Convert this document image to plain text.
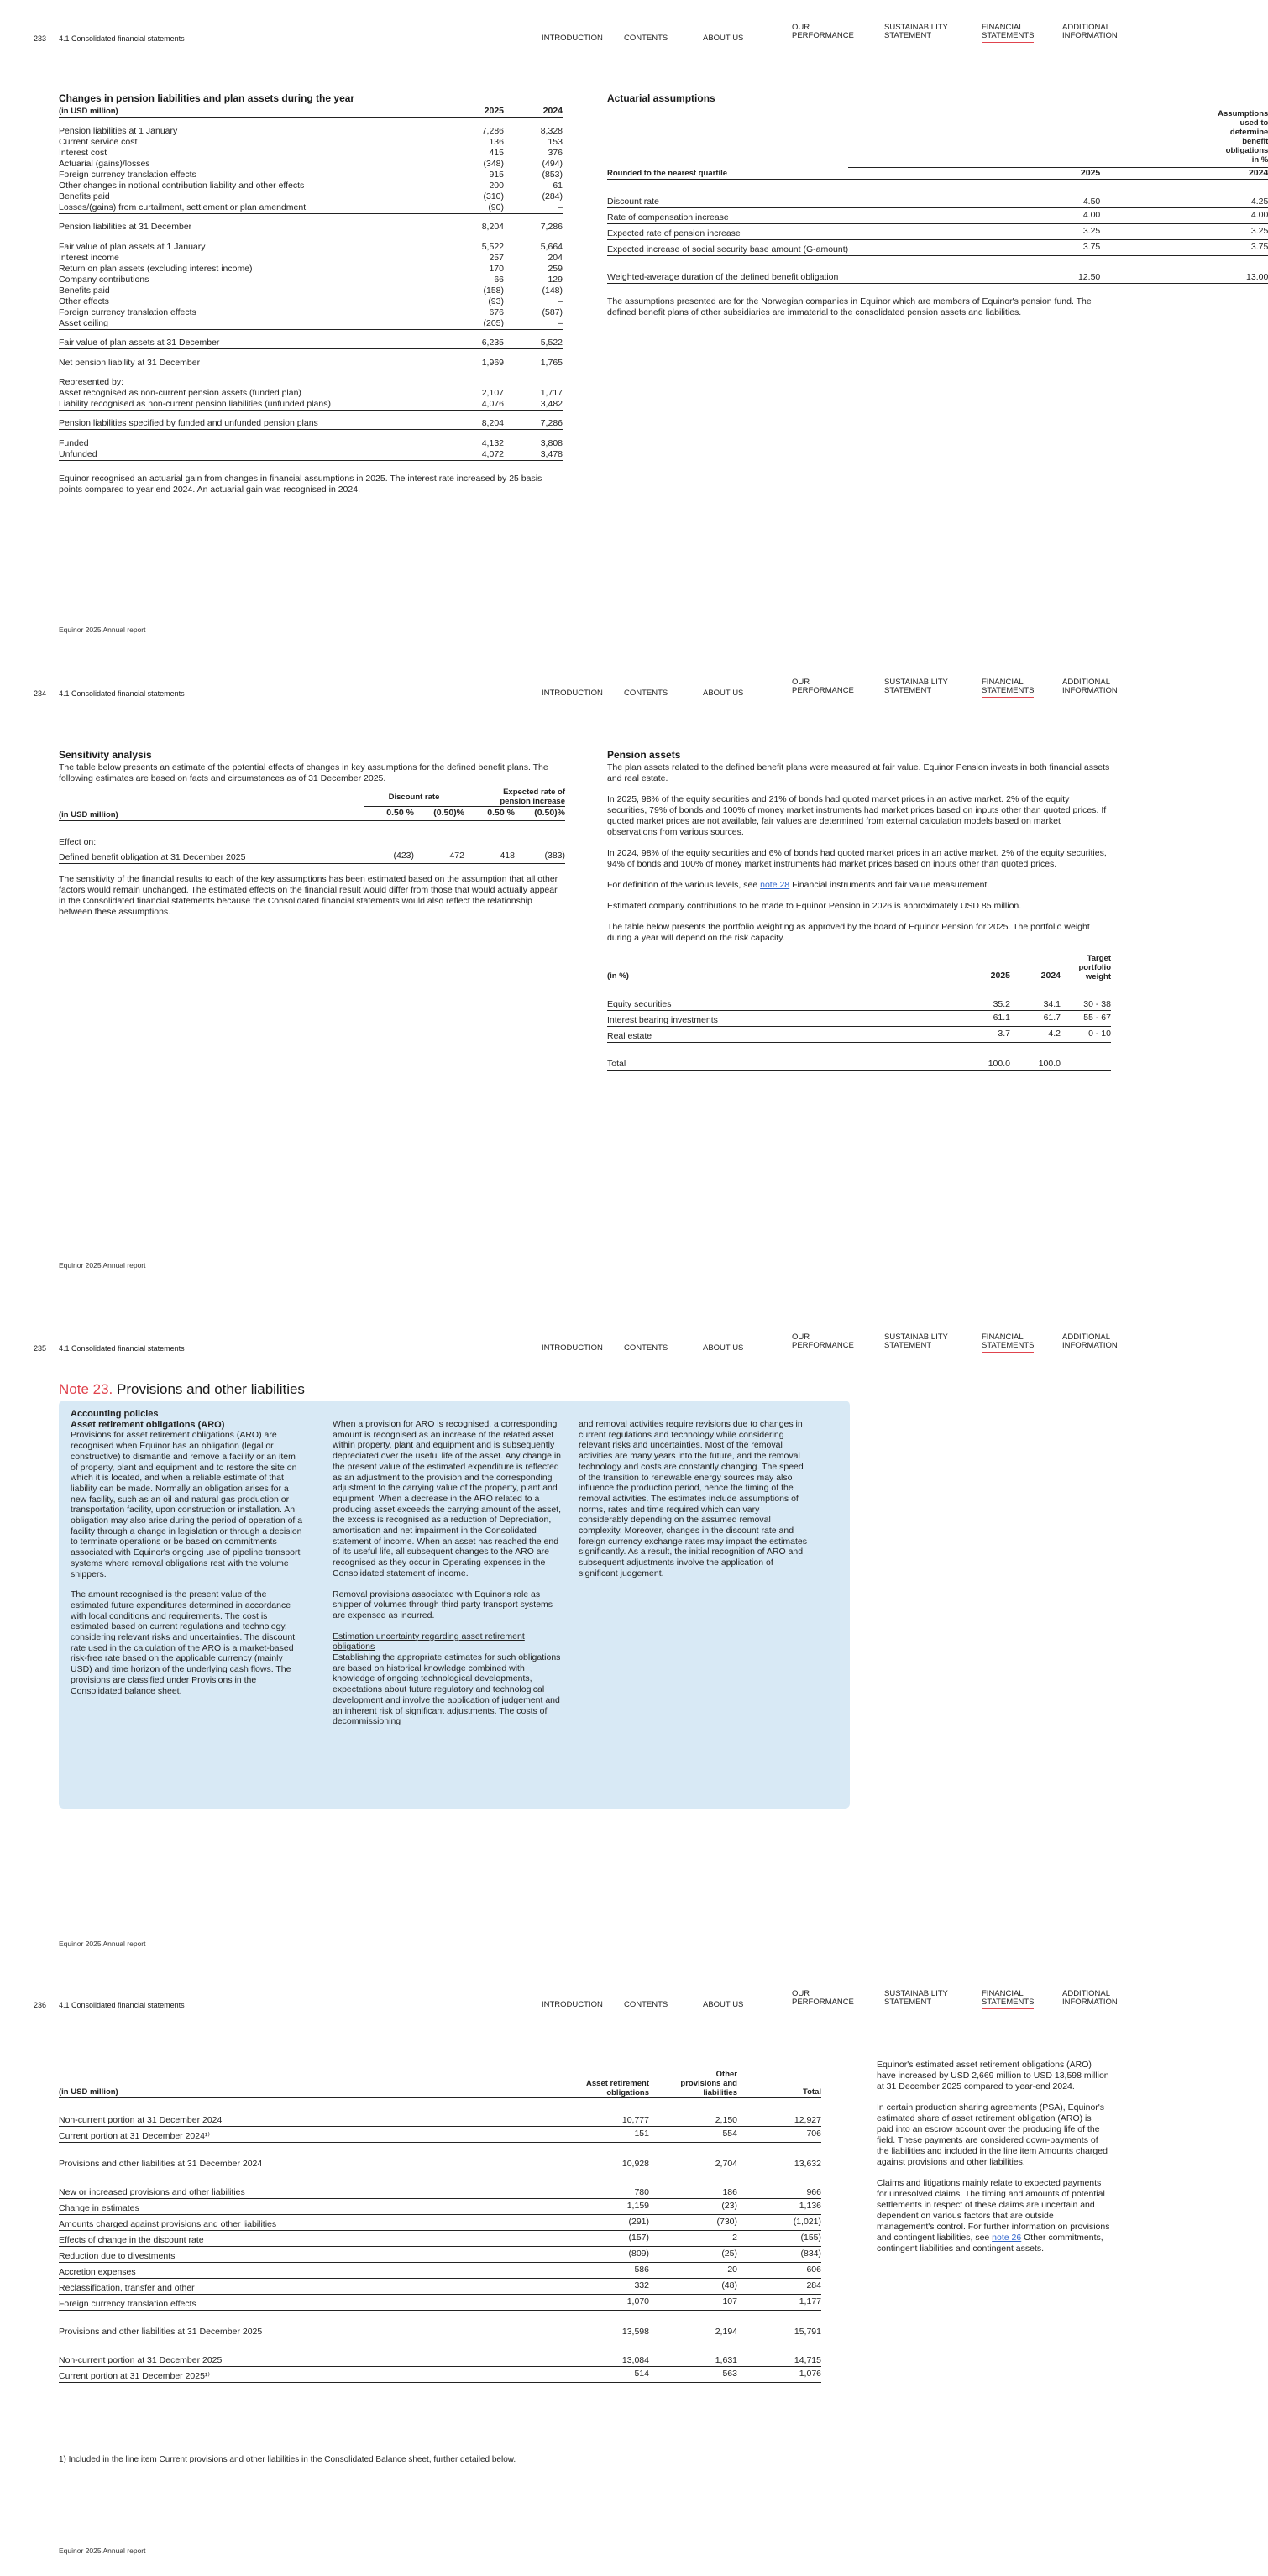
233 4.1 Consolidated financial statements	INTRODUCTION	CONTENTS	ABOUT US
OUR
PERFORMANCE
SUSTAINABILITY
STATEMENT
FINANCIAL
STATEMENTS
ADDITIONAL
INFORMATION
Changes in pension liabilities and plan assets during the year
(in USD million)	2025	2024

Pension liabilities at 1 January	7,286	8,328
Current service cost	136	153
Interest cost	415	376
Actuarial (gains)/losses	(348)	(494)
Foreign currency translation effects	915	(853)
Other changes in notional contribution liability and other effects	200	61
Benefits paid	(310)	(284)
Losses/(gains) from curtailment, settlement or plan amendment	(90)	–

Pension liabilities at 31 December	8,204	7,286

Fair value of plan assets at 1 January	5,522	5,664
Interest income	257	204
Return on plan assets (excluding interest income)	170	259
Company contributions	66	129
Benefits paid	(158)	(148)
Other effects	(93)	–
Foreign currency translation effects	676	(587)
Asset ceiling	(205)	–

Fair value of plan assets at 31 December	6,235	5,522

Net pension liability at 31 December	1,969	1,765

Represented by:		
Asset recognised as non-current pension assets (funded plan)	2,107	1,717
Liability recognised as non-current pension liabilities (unfunded plans)	4,076	3,482

Pension liabilities specified by funded and unfunded pension plans	8,204	7,286

Funded	4,132	3,808
Unfunded	4,072	3,478

Equinor recognised an actuarial gain from changes in financial assumptions in 2025. The interest rate increased by 25 basis points compared to year end 2024. An actuarial gain was recognised in 2024.

Actuarial assumptions
	Assumptions used to determine benefit obligations in %	
Rounded to the nearest quartile	2025	2024

Discount rate	4.50	4.25
Rate of compensation increase	4.00	4.00
Expected rate of pension increase	3.25	3.25
Expected increase of social security base amount (G-amount)	3.75	3.75

Weighted-average duration of the defined benefit obligation	12.50	13.00

The assumptions presented are for the Norwegian companies in Equinor which are members of Equinor's pension fund. The defined benefit plans of other subsidiaries are immaterial to the consolidated pension assets and liabilities.

Equinor 2025 Annual report
234 4.1 Consolidated financial statements	INTRODUCTION	CONTENTS	ABOUT US
OUR
PERFORMANCE
SUSTAINABILITY
STATEMENT
FINANCIAL
STATEMENTS
ADDITIONAL
INFORMATION
Sensitivity analysis

The table below presents an estimate of the potential effects of changes in key assumptions for the defined benefit plans. The following estimates are based on facts and circumstances as of 31 December 2025.

	Discount rate		Expected rate of pension increase	
(in USD million)	0.50 %	(0.50)%	0.50 %	(0.50)%

Effect on:				
Defined benefit obligation at 31 December 2025	(423)	472	418	(383)

The sensitivity of the financial results to each of the key assumptions has been estimated based on the assumption that all other factors would remain unchanged. The estimated effects on the financial result would differ from those that would actually appear in the Consolidated financial statements because the Consolidated financial statements would also reflect the relationship between these assumptions.

Pension assets

The plan assets related to the defined benefit plans were measured at fair value. Equinor Pension invests in both financial assets and real estate.

In 2025, 98% of the equity securities and 21% of bonds had quoted market prices in an active market. 2% of the equity securities, 79% of bonds and 100% of money market instruments had market prices based on inputs other than quoted prices. If quoted market prices are not available, fair values are determined from external calculation models based on market observations from various sources.

In 2024, 98% of the equity securities and 6% of bonds had quoted market prices in an active market. 2% of the equity securities, 94% of bonds and 100% of money market instruments had market prices based on inputs other than quoted prices.

For definition of the various levels, see note 28 Financial instruments and fair value measurement.

Estimated company contributions to be made to Equinor Pension in 2026 is approximately USD 85 million.

The table below presents the portfolio weighting as approved by the board of Equinor Pension for 2025. The portfolio weight during a year will depend on the risk capacity.

(in %)	2025	2024	Target portfolio weight

Equity securities	35.2	34.1	30 - 38
Interest bearing investments	61.1	61.7	55 - 67
Real estate	3.7	4.2	0 - 10

Total	100.0	100.0	
Equinor 2025 Annual report
235 4.1 Consolidated financial statements	INTRODUCTION	CONTENTS	ABOUT US
OUR
PERFORMANCE
SUSTAINABILITY
STATEMENT
FINANCIAL
STATEMENTS
ADDITIONAL
INFORMATION
Equinor 2025 Annual report
Note 23. Provisions and other liabilities
Accounting policies
Asset retirement obligations (ARO)

Provisions for asset retirement obligations (ARO) are recognised when Equinor has an obligation (legal or constructive) to dismantle and remove a facility or an item of property, plant and equipment and to restore the site on which it is located, and when a reliable estimate of that liability can be made. Normally an obligation arises for a new facility, such as an oil and natural gas production or transportation facility, upon construction or installation. An obligation may also arise during the period of operation of a facility through a change in legislation or through a decision to terminate operations or be based on commitments associated with Equinor's ongoing use of pipeline transport systems where removal obligations rest with the volume shippers.

The amount recognised is the present value of the estimated future expenditures determined in accordance with local conditions and requirements. The cost is estimated based on current regulations and technology, considering relevant risks and uncertainties. The discount rate used in the calculation of the ARO is a market-based risk-free rate based on the applicable currency (mainly USD) and time horizon of the underlying cash flows. The provisions are classified under Provisions in the Consolidated balance sheet.

When a provision for ARO is recognised, a corresponding amount is recognised as an increase of the related asset within property, plant and equipment and is subsequently depreciated over the useful life of the asset. Any change in the present value of the estimated expenditure is reflected as an adjustment to the provision and the corresponding adjustment to the carrying value of the property, plant and equipment. When a decrease in the ARO related to a producing asset exceeds the carrying amount of the asset, the excess is recognised as a reduction of Depreciation, amortisation and net impairment in the Consolidated statement of income. When an asset has reached the end of its useful life, all subsequent changes to the ARO are recognised as they occur in Operating expenses in the Consolidated statement of income.

Removal provisions associated with Equinor's role as shipper of volumes through third party transport systems are expensed as incurred.

Estimation uncertainty regarding asset retirement obligations

Establishing the appropriate estimates for such obligations are based on historical knowledge combined with knowledge of ongoing technological developments, expectations about future regulatory and technological development and involve the application of judgement and an inherent risk of significant adjustments. The costs of decommissioning

and removal activities require revisions due to changes in current regulations and technology while considering relevant risks and uncertainties. Most of the removal activities are many years into the future, and the removal technology and costs are constantly changing. The speed of the transition to renewable energy sources may also influence the production period, hence the timing of the removal activities. The estimates include assumptions of norms, rates and time required which can vary considerably depending on the assumed removal complexity. Moreover, changes in the discount rate and foreign currency exchange rates may impact the estimates significantly. As a result, the initial recognition of ARO and subsequent adjustments involve the application of significant judgement.

236 4.1 Consolidated financial statements	INTRODUCTION	CONTENTS	ABOUT US
OUR
PERFORMANCE
SUSTAINABILITY
STATEMENT
FINANCIAL
STATEMENTS
ADDITIONAL
INFORMATION
(in USD million)	Asset retirement obligations	Other provisions and liabilities	Total

Non-current portion at 31 December 2024	10,777	2,150	12,927
Current portion at 31 December 2024¹⁾	151	554	706

Provisions and other liabilities at 31 December 2024	10,928	2,704	13,632

New or increased provisions and other liabilities	780	186	966
Change in estimates	1,159	(23)	1,136
Amounts charged against provisions and other liabilities	(291)	(730)	(1,021)
Effects of change in the discount rate	(157)	2	(155)
Reduction due to divestments	(809)	(25)	(834)
Accretion expenses	586	20	606
Reclassification, transfer and other	332	(48)	284
Foreign currency translation effects	1,070	107	1,177

Provisions and other liabilities at 31 December 2025	13,598	2,194	15,791

Non-current portion at 31 December 2025	13,084	1,631	14,715
Current portion at 31 December 2025¹⁾	514	563	1,076
1) Included in the line item Current provisions and other liabilities in the Consolidated Balance sheet, further detailed below.

Equinor's estimated asset retirement obligations (ARO) have increased by USD 2,669 million to USD 13,598 million at 31 December 2025 compared to year-end 2024.

In certain production sharing agreements (PSA), Equinor's estimated share of asset retirement obligation (ARO) is paid into an escrow account over the producing life of the field. These payments are considered down-payments of the liabilities and included in the line item Amounts charged against provisions and other liabilities.

Claims and litigations mainly relate to expected payments for unresolved claims. The timing and amounts of potential settlements in respect of these claims are uncertain and dependent on various factors that are outside management's control. For further information on provisions and contingent liabilities, see note 26 Other commitments, contingent liabilities and contingent assets.

Equinor 2025 Annual report
